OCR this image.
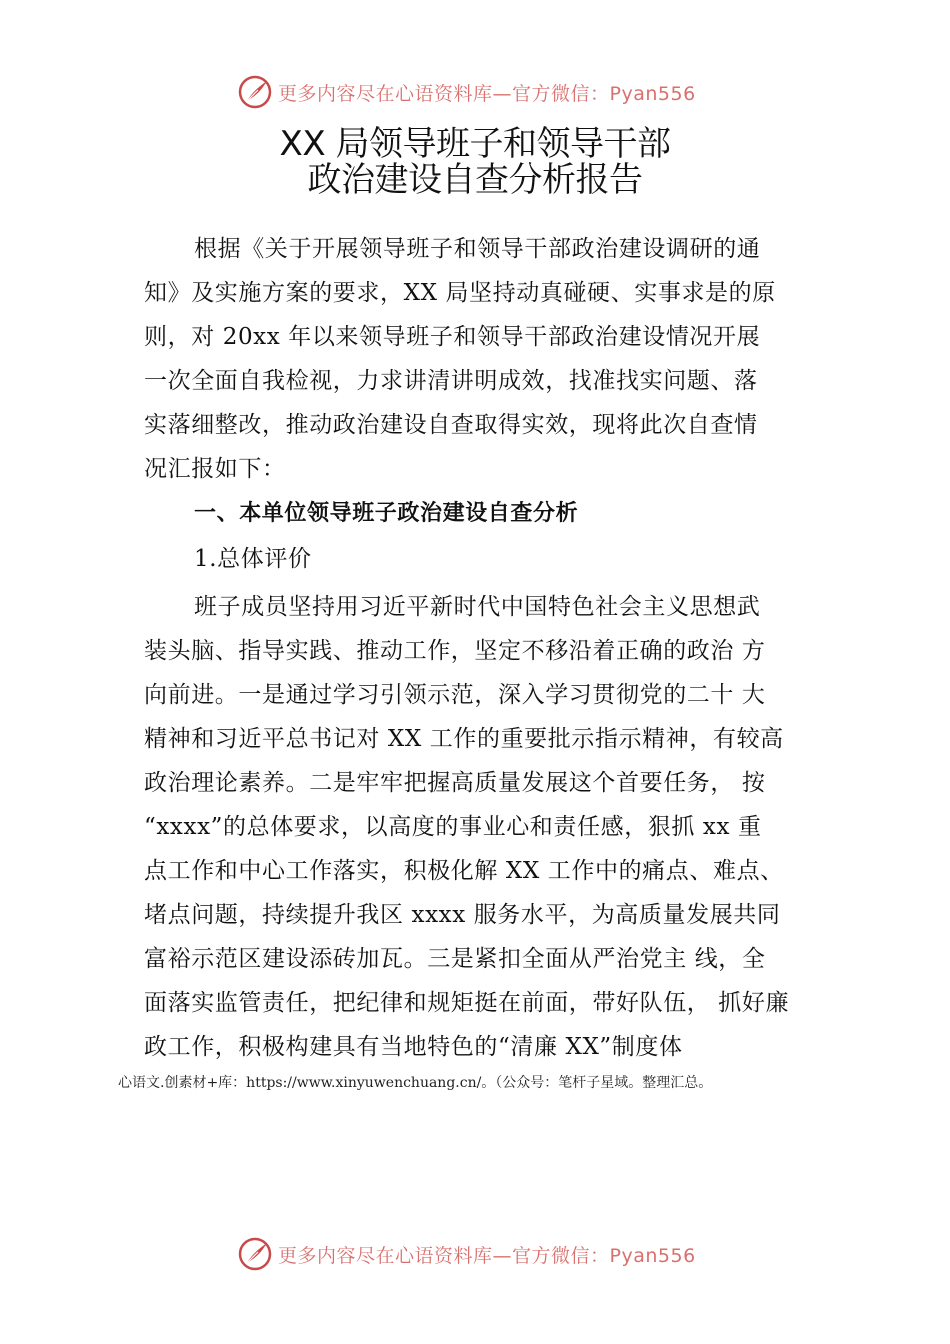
更多内容尽在心语资料库—官方微信：Pyan556
XX 局领导班子和领导干部
政治建设自查分析报告
根据《关于开展领导班子和领导干部政治建设调研的通
知》及实施方案的要求，XX 局坚持动真碰硬、实事求是的原
则，对 20xx 年以来领导班子和领导干部政治建设情况开展
一次全面自我检视，力求讲清讲明成效，找准找实问题、落
实落细整改，推动政治建设自查取得实效，现将此次自查情
况汇报如下：
一、本单位领导班子政治建设自查分析
1.总体评价
班子成员坚持用习近平新时代中国特色社会主义思想武
装头脑、指导实践、推动工作，坚定不移沿着正确的政治 方
向前进。一是通过学习引领示范，深入学习贯彻党的二十 大
精神和习近平总书记对 XX 工作的重要批示指示精神，有较高
政治理论素养。二是牢牢把握高质量发展这个首要任务， 按
“xxxx”的总体要求，以高度的事业心和责任感，狠抓 xx 重
点工作和中心工作落实，积极化解 XX 工作中的痛点、难点、
堵点问题，持续提升我区 xxxx 服务水平，为高质量发展共同
富裕示范区建设添砖加瓦。三是紧扣全面从严治党主 线，全
面落实监管责任，把纪律和规矩挺在前面，带好队伍， 抓好廉
政工作，积极构建具有当地特色的“清廉 XX”制度体
心语文.创素材+库：https://www.xinyuwenchuang.cn/。（公众号：笔杆子星域。整理汇总。
更多内容尽在心语资料库—官方微信：Pyan556
